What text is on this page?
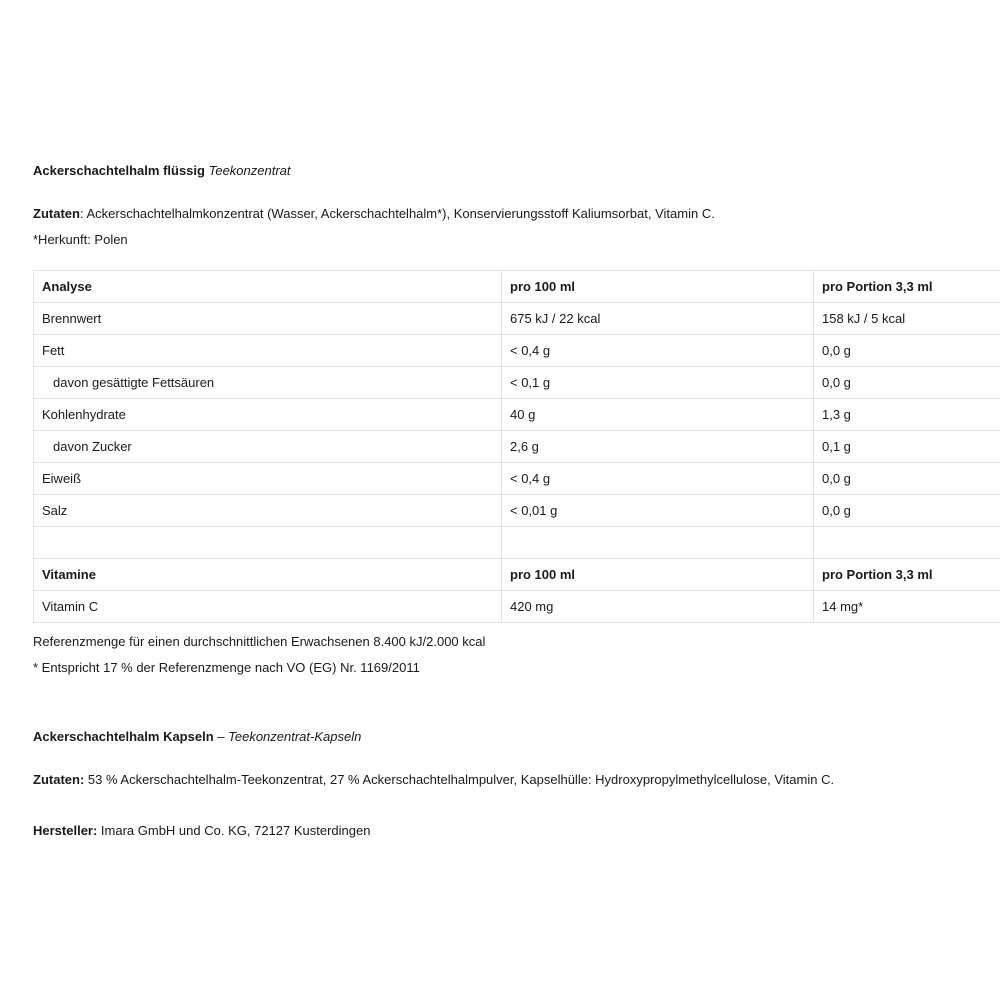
Ackerschachtelhalm flüssig Teekonzentrat
Zutaten: Ackerschachtelhalmkonzentrat (Wasser, Ackerschachtelhalm*), Konservierungsstoff Kaliumsorbat, Vitamin C.
*Herkunft: Polen
Analyse	pro 100 ml	pro Portion 3,3 ml
Brennwert	675 kJ / 22 kcal	158 kJ / 5 kcal
Fett	< 0,4 g	0,0 g
davon gesättigte Fettsäuren	< 0,1 g	0,0 g
Kohlenhydrate	40 g	1,3 g
davon Zucker	2,6 g	0,1 g
Eiweiß	< 0,4 g	0,0 g
Salz	< 0,01 g	0,0 g

Vitamine	pro 100 ml	pro Portion 3,3 ml
Vitamin C	420 mg	14 mg*
Referenzmenge für einen durchschnittlichen Erwachsenen 8.400 kJ/2.000 kcal
* Entspricht 17 % der Referenzmenge nach VO (EG) Nr. 1169/2011
Ackerschachtelhalm Kapseln – Teekonzentrat-Kapseln
Zutaten: 53 % Ackerschachtelhalm-Teekonzentrat, 27 % Ackerschachtelhalmpulver, Kapselhülle: Hydroxypropylmethylcellulose, Vitamin C.
Hersteller: Imara GmbH und Co. KG, 72127 Kusterdingen
